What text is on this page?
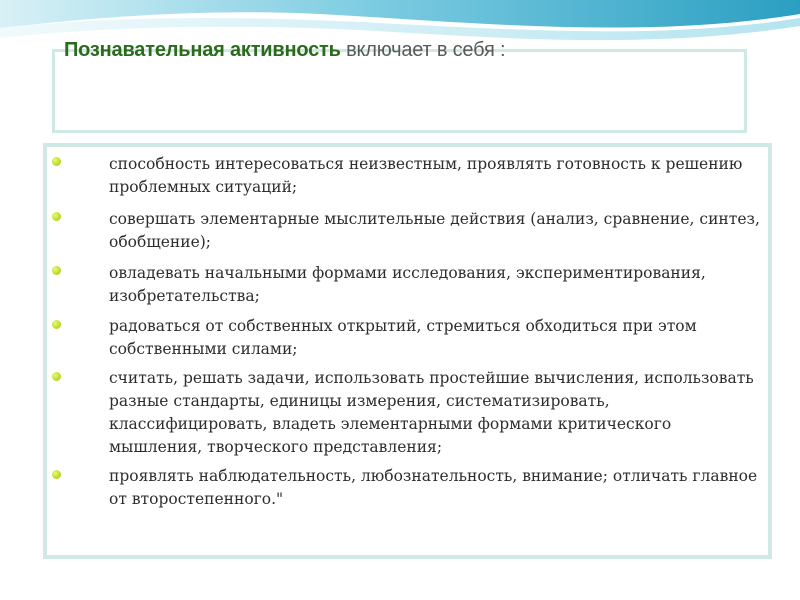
Познавательная активность включает в себя :
способность интересоваться неизвестным, проявлять готовность к решению проблемных ситуаций;
совершать элементарные мыслительные действия (анализ, сравнение, синтез, обобщение);
овладевать начальными формами исследования, экспериментирования, изобретательства;
радоваться от собственных открытий, стремиться обходиться при этом собственными силами;
считать, решать задачи, использовать простейшие вычисления, использовать разные стандарты, единицы измерения, систематизировать, классифицировать, владеть элементарными формами критического мышления, творческого представления;
проявлять наблюдательность, любознательность, внимание; отличать главное от второстепенного."
